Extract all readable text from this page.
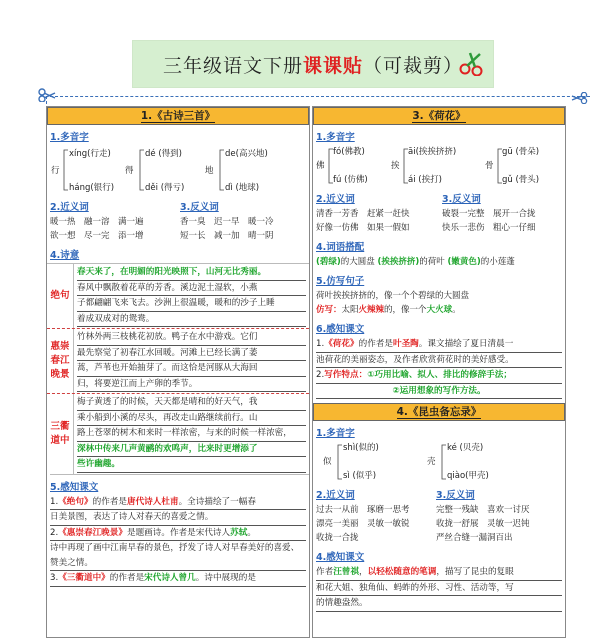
三年级语文下册课课贴（可裁剪）
1.《古诗三首》
1.多音字
行
xíng(行走)
háng(银行)
得
dé (得到)
děi (得亏)
地
de(高兴地)
dì (地球)
2.近义词
暖一热　融一溶　满一遍
欲一想　尽一完　添一增
3.反义词
香一臭　迟一早　暖一冷
短一长　减一加　晴一阴
4.诗意
绝句
春天来了，在明媚的阳光映照下，山河无比秀丽。
春风中飘散着花草的芳香。溪边泥土湿软，小燕
子都翩翩飞来飞去。沙洲上很温暖，暖和的沙子上睡
着成双成对的鸳鸯。
惠崇春江晚景
竹林外两三枝桃花初放。鸭子在水中游戏。它们
最先察觉了初春江水回暖。河滩上已经长满了萎
蒿，芦苇也开始抽芽了。而这恰是河豚从大海回
归，将要逆江而上产卵的季节。
三衢道中
梅子黄透了的时候，天天都是晴和的好天气，我
乘小船到小溪的尽头，再改走山路继续前行。山
路上苍翠的树木和来时一样浓密，与来的时候一样浓密，
深林中传来几声黄鹂的欢鸣声，比来时更增添了
些许幽趣。
5.感知课文
1.《绝句》的作者是唐代诗人杜甫。全诗描绘了一幅春
日美景图，表达了诗人对春天的喜爱之情。
2.《惠崇春江晚景》是题画诗。作者是宋代诗人苏轼。
诗中再现了画中江南早春的景色，抒发了诗人对早春美好的喜爱、赞美之情。
3.《三衢道中》的作者是宋代诗人曾几。诗中展现的是
3.《荷花》
1.多音字
佛
fó(佛教)
fú (仿佛)
挨
āi(挨挨挤挤)
ái (挨打)
骨
gū (骨朵)
gǔ (骨头)
2.近义词
清香一芳香　赶紧一赶快
好像一仿佛　如果一假如
3.反义词
破裂一完整　展开一合拢
快乐一悲伤　粗心一仔细
4.词语搭配
(碧绿)的大圆盘 (挨挨挤挤)的荷叶 (嫩黄色)的小莲蓬
5.仿写句子
荷叶挨挨挤挤的，像一个个碧绿的大圆盘
仿写：太阳火辣辣的，像一个大火球。
6.感知课文
1.《荷花》的作者是叶圣陶。课文描绘了夏日清晨一
池荷花的美丽姿态，及作者欣赏荷花时的美好感受。
2.写作特点：①巧用比喻、拟人、排比的修辞手法；
②运用想象的写作方法。
4.《昆虫备忘录》
1.多音字
似
shì(似的)
sì (似乎)
壳
ké (贝壳)
qiào(甲壳)
2.近义词
过去一从前　琢磨一思考
漂亮一美丽　灵敏一敏锐
收拢一合拢
3.反义词
完整一残缺　喜欢一讨厌
收拢一舒展　灵敏一迟钝
严丝合缝一漏洞百出
4.感知课文
作者汪曾祺，以轻松随意的笔调，描写了昆虫的复眼
和花大姐、独角仙、蚂蚱的外形、习性、活动等，写
的情趣盎然。
